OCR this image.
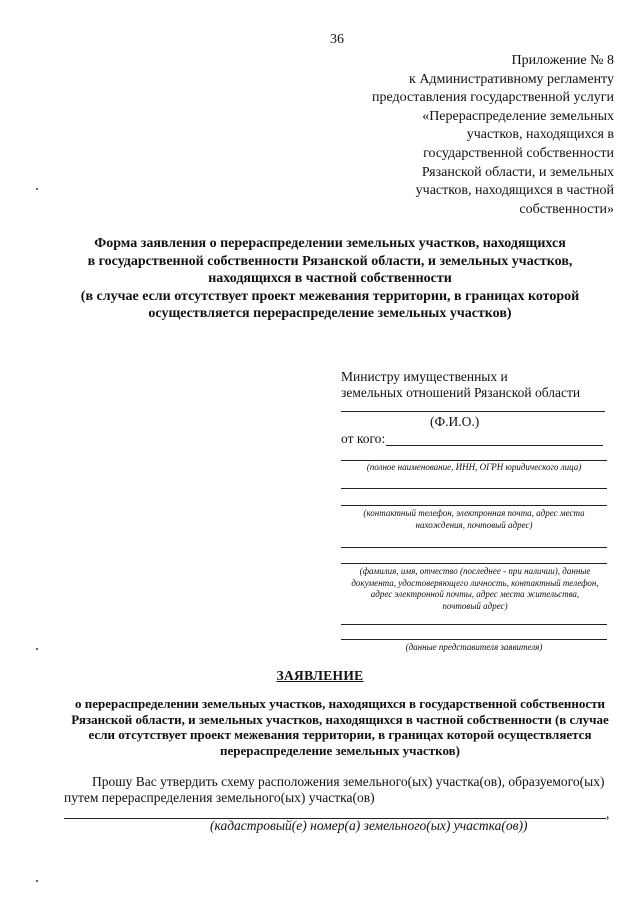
36
Приложение № 8
к Административному регламенту
предоставления государственной услуги
«Перераспределение земельных
участков, находящихся в
государственной собственности
Рязанской области, и земельных
участков, находящихся в частной
собственности»
Форма заявления о перераспределении земельных участков, находящихся
в государственной собственности Рязанской области, и земельных участков,
находящихся в частной собственности
(в случае если отсутствует проект межевания территории, в границах которой
осуществляется перераспределение земельных участков)
Министру имущественных и
земельных отношений Рязанской области
(Ф.И.О.)
от кого:
(полное наименование, ИНН, ОГРН юридического лица)
(контактный телефон, электронная почта, адрес места
нахождения, почтовый адрес)
(фамилия, имя, отчество (последнее - при наличии), данные
документа, удостоверяющего личность, контактный телефон,
адрес электронной почты, адрес места жительства,
почтовый адрес)
(данные представителя заявителя)
ЗАЯВЛЕНИЕ
о перераспределении земельных участков, находящихся в государственной собственности
Рязанской области, и земельных участков, находящихся в частной собственности (в случае
если отсутствует проект межевания территории, в границах которой осуществляется
перераспределение земельных участков)
Прошу Вас утвердить схему расположения земельного(ых) участка(ов), образуемого(ых)
путем перераспределения земельного(ых) участка(ов)
,
(кадастровый(е) номер(а) земельного(ых) участка(ов))
